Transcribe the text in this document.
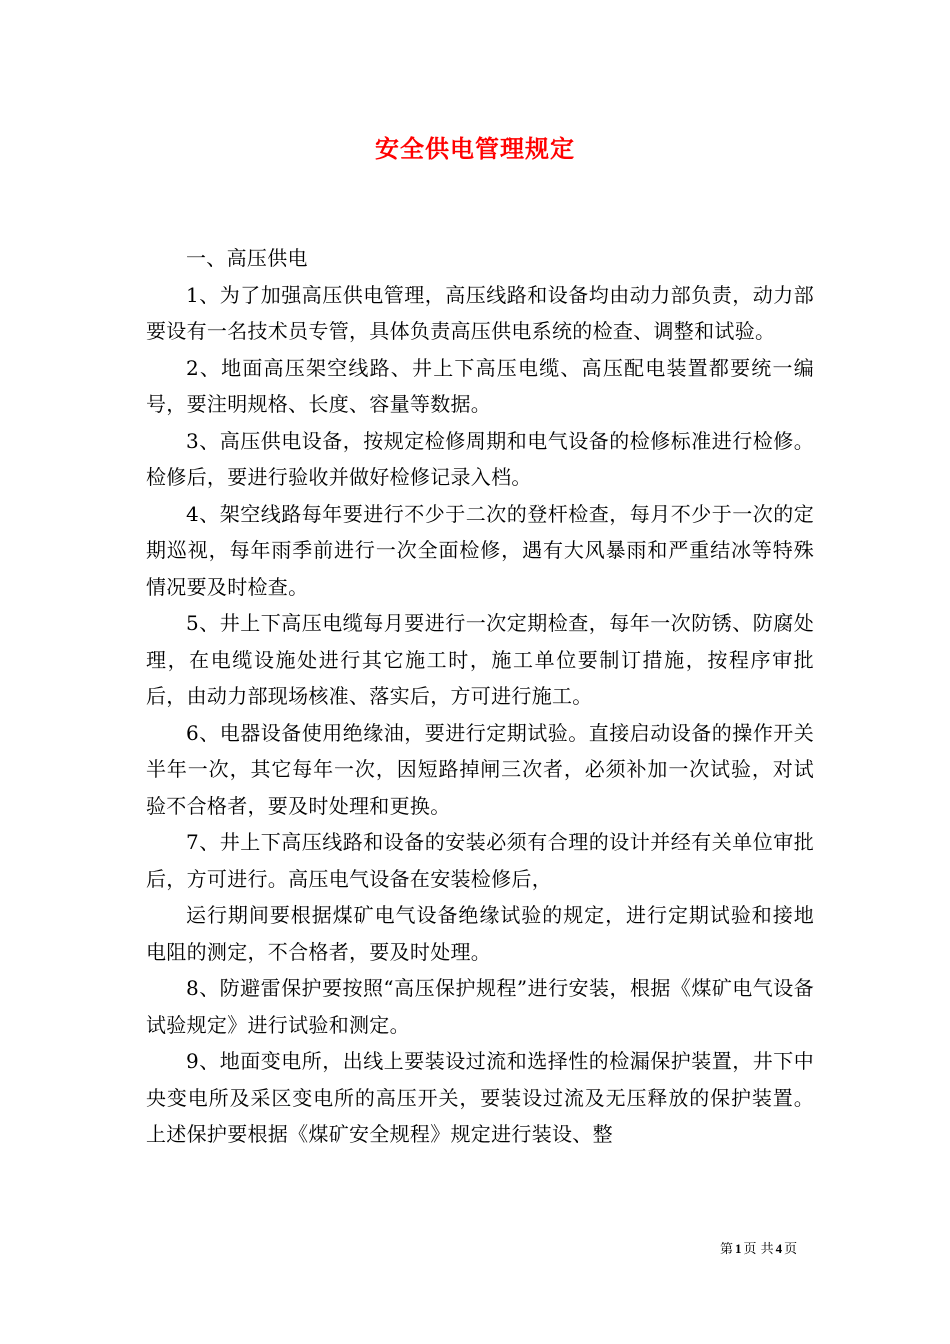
安全供电管理规定

一、高压供电

1、为了加强高压供电管理，高压线路和设备均由动力部负责，动力部要设有一名技术员专管，具体负责高压供电系统的检查、调整和试验。

2、地面高压架空线路、井上下高压电缆、高压配电装置都要统一编号，要注明规格、长度、容量等数据。

3、高压供电设备，按规定检修周期和电气设备的检修标准进行检修。检修后，要进行验收并做好检修记录入档。

4、架空线路每年要进行不少于二次的登杆检查，每月不少于一次的定期巡视，每年雨季前进行一次全面检修，遇有大风暴雨和严重结冰等特殊情况要及时检查。

5、井上下高压电缆每月要进行一次定期检查，每年一次防锈、防腐处理，在电缆设施处进行其它施工时，施工单位要制订措施，按程序审批后，由动力部现场核准、落实后，方可进行施工。

6、电器设备使用绝缘油，要进行定期试验。直接启动设备的操作开关半年一次，其它每年一次，因短路掉闸三次者，必须补加一次试验，对试验不合格者，要及时处理和更换。

7、井上下高压线路和设备的安装必须有合理的设计并经有关单位审批后，方可进行。高压电气设备在安装检修后，

运行期间要根据煤矿电气设备绝缘试验的规定，进行定期试验和接地电阻的测定，不合格者，要及时处理。

8、防避雷保护要按照“高压保护规程”进行安装，根据《煤矿电气设备试验规定》进行试验和测定。

9、地面变电所，出线上要装设过流和选择性的检漏保护装置，井下中央变电所及采区变电所的高压开关，要装设过流及无压释放的保护装置。上述保护要根据《煤矿安全规程》规定进行装设、整

第 1 页 共 4 页
